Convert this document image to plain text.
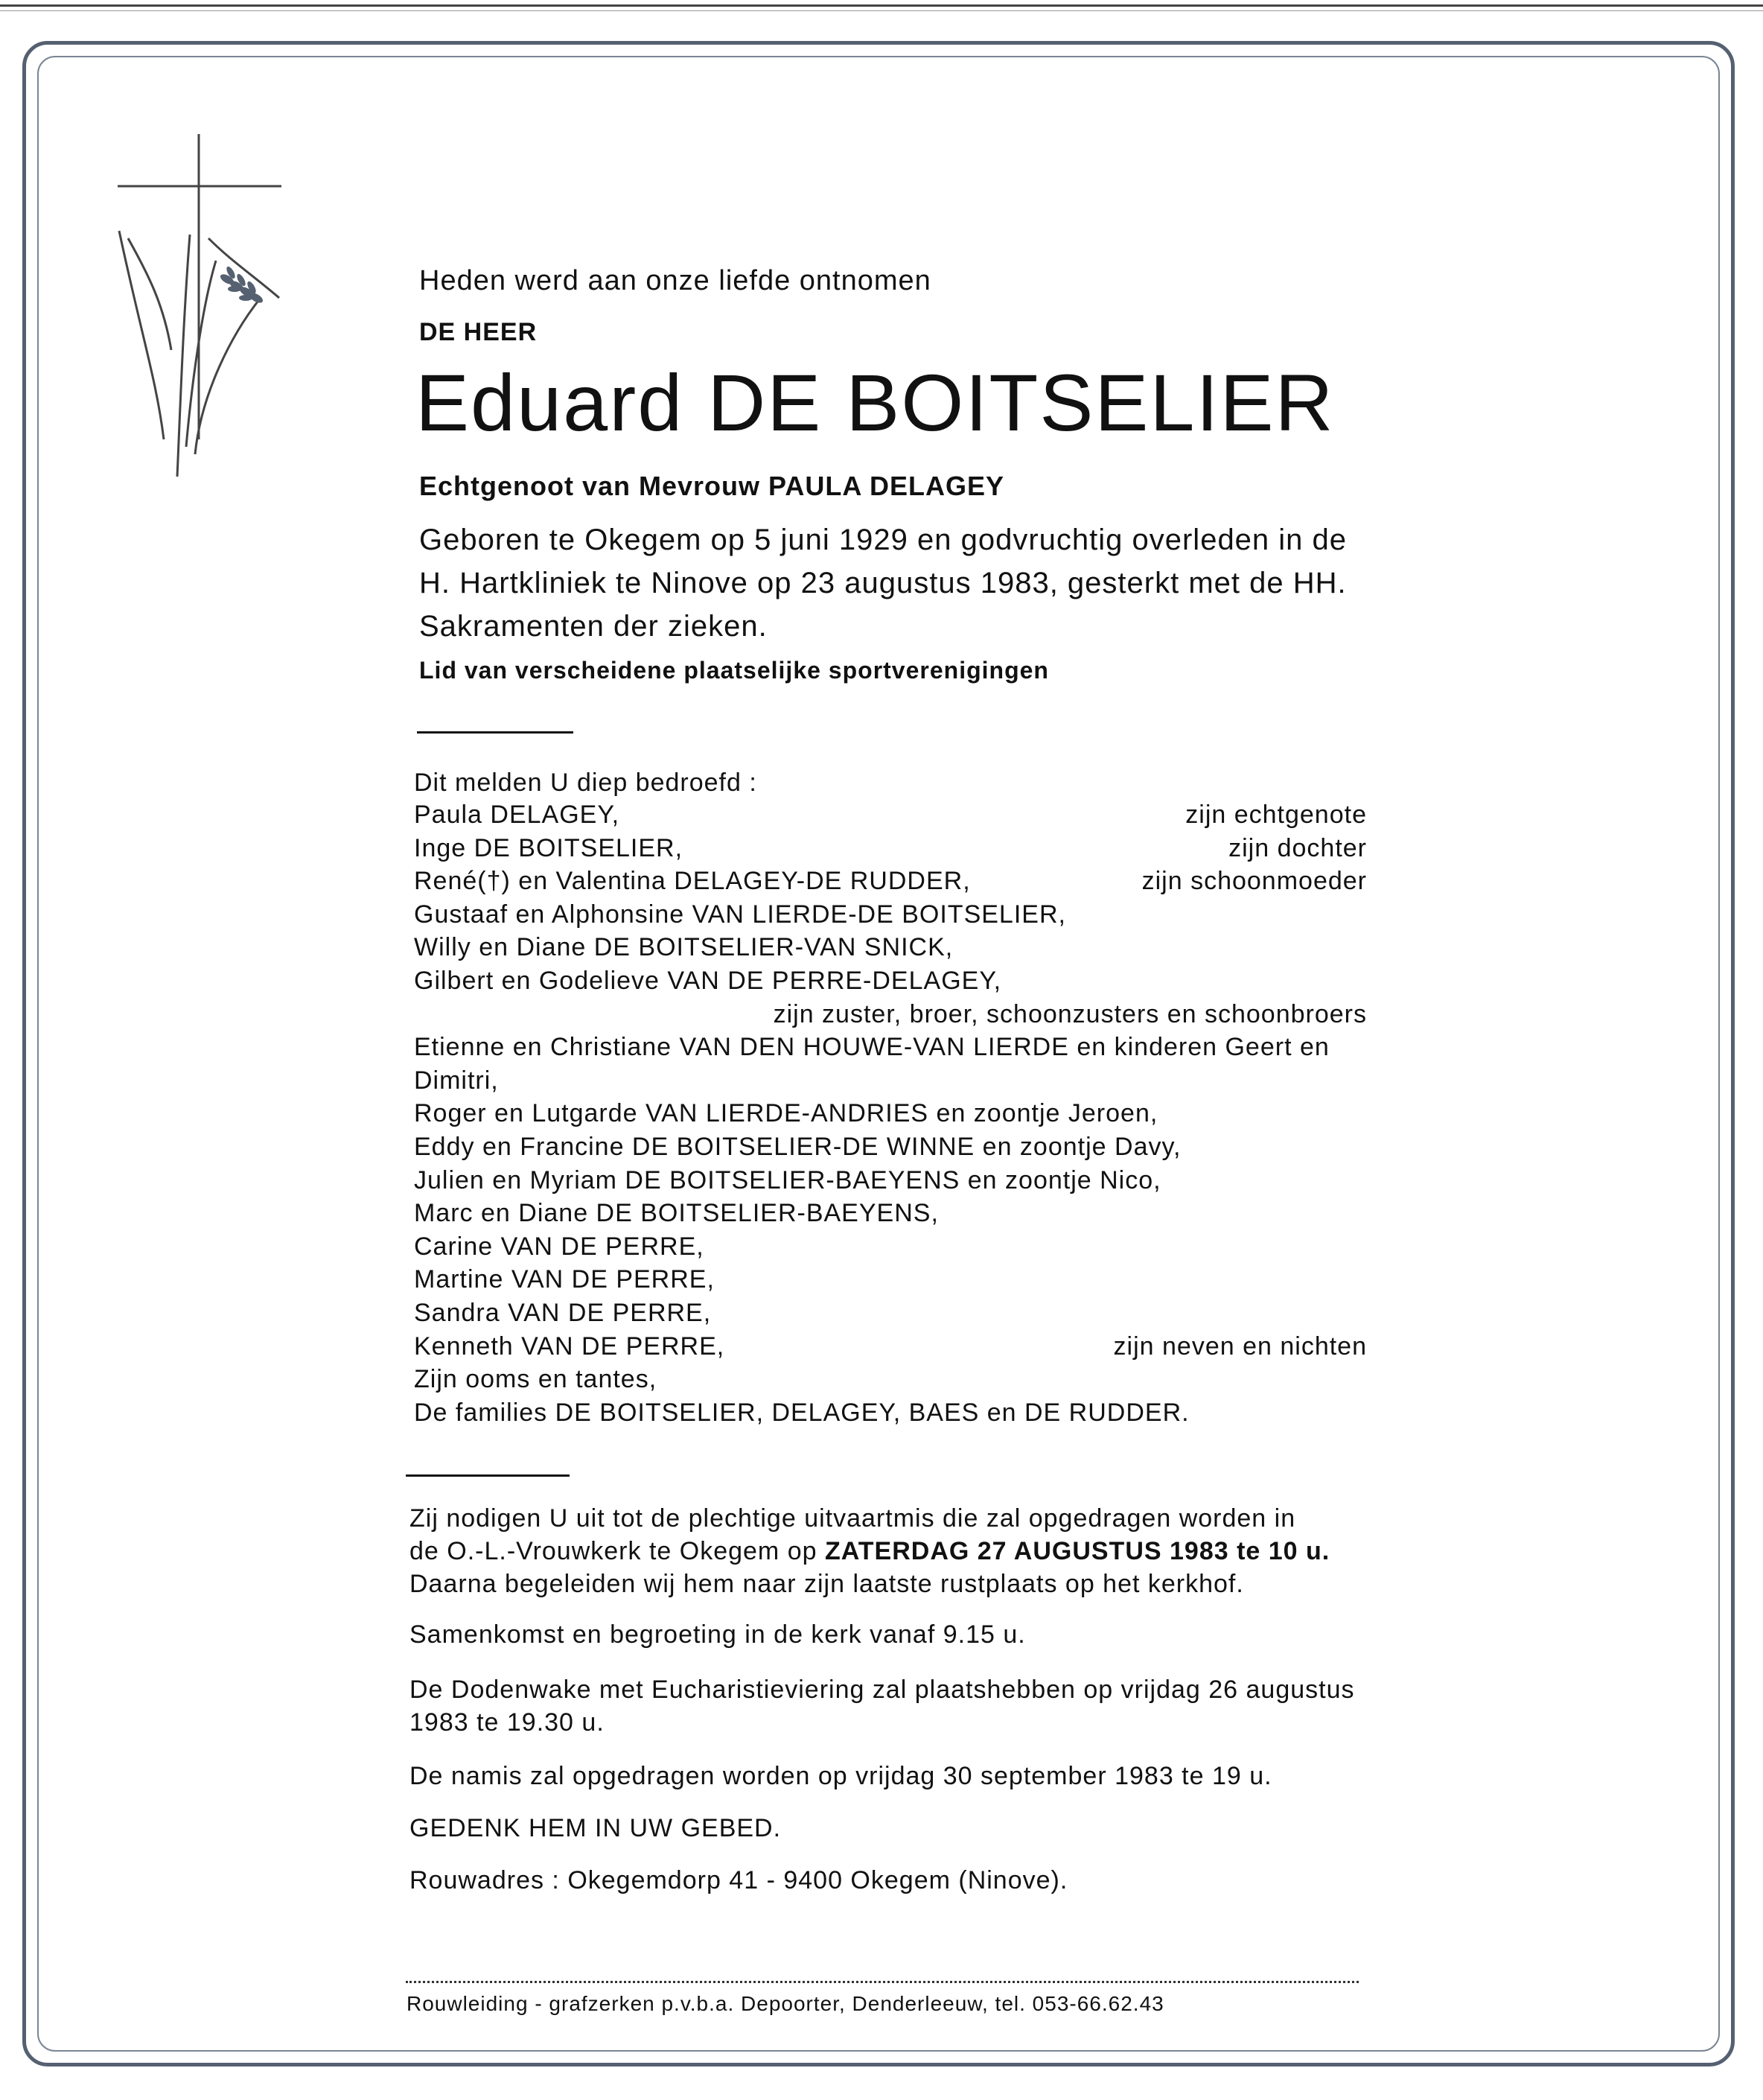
Heden werd aan onze liefde ontnomen
DE HEER
Eduard DE BOITSELIER
Echtgenoot van Mevrouw PAULA DELAGEY
Geboren te Okegem op 5 juni 1929 en godvruchtig overleden in de
H. Hartkliniek te Ninove op 23 augustus 1983, gesterkt met de HH.
Sakramenten der zieken.
Lid van verscheidene plaatselijke sportverenigingen
Dit melden U diep bedroefd :
Paula DELAGEY,	zijn echtgenote
Inge DE BOITSELIER,	zijn dochter
René(†) en Valentina DELAGEY-DE RUDDER,	zijn schoonmoeder
Gustaaf en Alphonsine VAN LIERDE-DE BOITSELIER,
Willy en Diane DE BOITSELIER-VAN SNICK,
Gilbert en Godelieve VAN DE PERRE-DELAGEY,
zijn zuster, broer, schoonzusters en schoonbroers
Etienne en Christiane VAN DEN HOUWE-VAN LIERDE en kinderen Geert en
Dimitri,
Roger en Lutgarde VAN LIERDE-ANDRIES en zoontje Jeroen,
Eddy en Francine DE BOITSELIER-DE WINNE en zoontje Davy,
Julien en Myriam DE BOITSELIER-BAEYENS en zoontje Nico,
Marc en Diane DE BOITSELIER-BAEYENS,
Carine VAN DE PERRE,
Martine VAN DE PERRE,
Sandra VAN DE PERRE,
Kenneth VAN DE PERRE,	zijn neven en nichten
Zijn ooms en tantes,
De families DE BOITSELIER, DELAGEY, BAES en DE RUDDER.
Zij nodigen U uit tot de plechtige uitvaartmis die zal opgedragen worden in
de O.-L.-Vrouwkerk te Okegem op ZATERDAG 27 AUGUSTUS 1983 te 10 u.
Daarna begeleiden wij hem naar zijn laatste rustplaats op het kerkhof.
Samenkomst en begroeting in de kerk vanaf 9.15 u.
De Dodenwake met Eucharistieviering zal plaatshebben op vrijdag 26 augustus
1983 te 19.30 u.
De namis zal opgedragen worden op vrijdag 30 september 1983 te 19 u.
GEDENK HEM IN UW GEBED.
Rouwadres : Okegemdorp 41 - 9400 Okegem (Ninove).
Rouwleiding - grafzerken p.v.b.a. Depoorter, Denderleeuw, tel. 053-66.62.43
